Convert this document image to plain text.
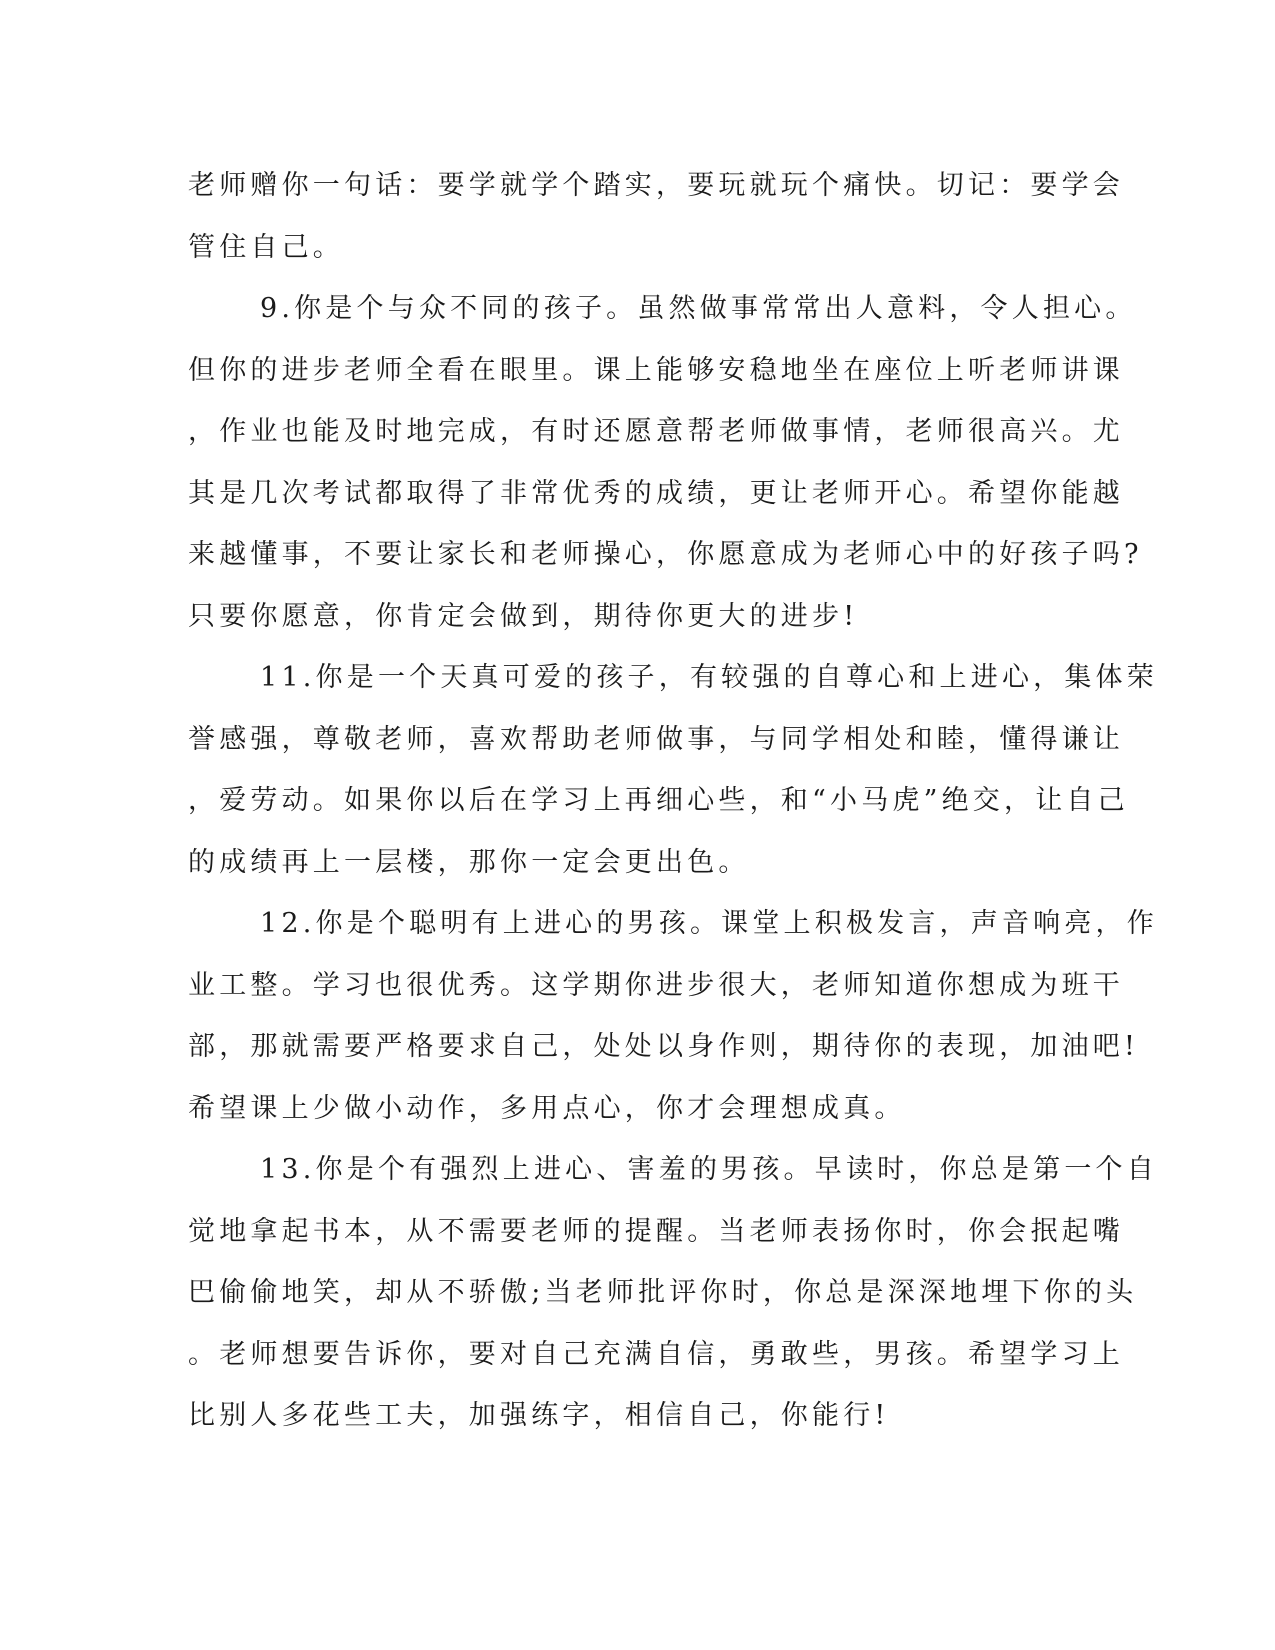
老师赠你一句话：要学就学个踏实，要玩就玩个痛快。切记：要学会
管住自己。
9.你是个与众不同的孩子。虽然做事常常出人意料，令人担心。
但你的进步老师全看在眼里。课上能够安稳地坐在座位上听老师讲课
，作业也能及时地完成，有时还愿意帮老师做事情，老师很高兴。尤
其是几次考试都取得了非常优秀的成绩，更让老师开心。希望你能越
来越懂事，不要让家长和老师操心，你愿意成为老师心中的好孩子吗?
只要你愿意，你肯定会做到，期待你更大的进步!
11.你是一个天真可爱的孩子，有较强的自尊心和上进心，集体荣
誉感强，尊敬老师，喜欢帮助老师做事，与同学相处和睦，懂得谦让
，爱劳动。如果你以后在学习上再细心些，和“小马虎”绝交，让自己
的成绩再上一层楼，那你一定会更出色。
12.你是个聪明有上进心的男孩。课堂上积极发言，声音响亮，作
业工整。学习也很优秀。这学期你进步很大，老师知道你想成为班干
部，那就需要严格要求自己，处处以身作则，期待你的表现，加油吧!
希望课上少做小动作，多用点心，你才会理想成真。
13.你是个有强烈上进心、害羞的男孩。早读时，你总是第一个自
觉地拿起书本，从不需要老师的提醒。当老师表扬你时，你会抿起嘴
巴偷偷地笑，却从不骄傲;当老师批评你时，你总是深深地埋下你的头
。老师想要告诉你，要对自己充满自信，勇敢些，男孩。希望学习上
比别人多花些工夫，加强练字，相信自己，你能行!
